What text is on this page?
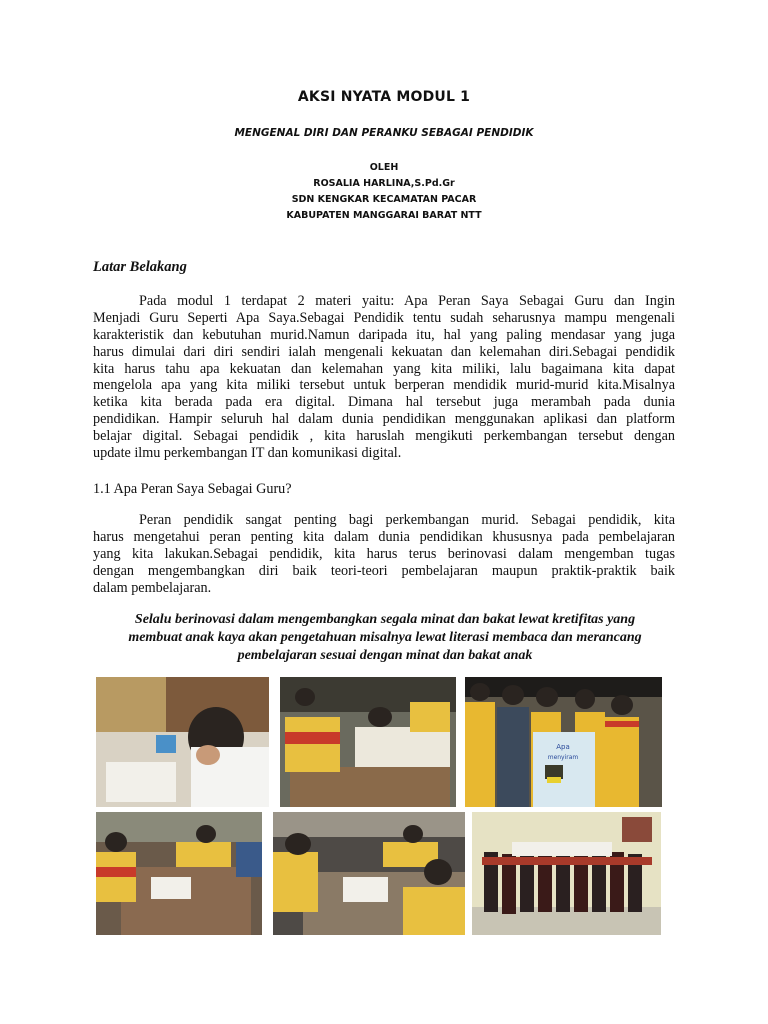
AKSI NYATA MODUL 1
MENGENAL DIRI DAN PERANKU SEBAGAI PENDIDIK
OLEH
ROSALIA HARLINA,S.Pd.Gr
SDN KENGKAR KECAMATAN PACAR
KABUPATEN MANGGARAI BARAT NTT
Latar Belakang
Pada modul 1 terdapat 2 materi yaitu: Apa Peran Saya Sebagai Guru dan Ingin
Menjadi Guru Seperti Apa Saya.Sebagai Pendidik tentu sudah seharusnya mampu mengenali
karakteristik dan kebutuhan murid.Namun daripada itu, hal yang paling mendasar yang juga
harus dimulai dari diri sendiri ialah mengenali kekuatan dan kelemahan diri.Sebagai pendidik
kita harus tahu apa kekuatan dan kelemahan yang kita miliki, lalu bagaimana kita dapat
mengelola apa yang kita miliki tersebut untuk berperan mendidik murid-murid kita.Misalnya
ketika kita berada pada era digital. Dimana hal tersebut juga merambah pada dunia
pendidikan. Hampir seluruh hal dalam dunia pendidikan menggunakan aplikasi dan platform
belajar digital. Sebagai pendidik , kita haruslah mengikuti perkembangan tersebut dengan
update ilmu perkembangan IT dan komunikasi digital.
1.1 Apa Peran Saya Sebagai Guru?
Peran pendidik sangat penting bagi perkembangan murid. Sebagai pendidik, kita
harus mengetahui peran penting kita dalam dunia pendidikan khususnya pada pembelajaran
yang kita lakukan.Sebagai pendidik, kita harus terus berinovasi dalam mengemban tugas
dengan mengembangkan diri baik teori-teori pembelajaran maupun praktik-praktik baik
dalam pembelajaran.
Selalu berinovasi dalam mengembangkan segala minat dan bakat lewat kretifitas yang
membuat anak kaya akan pengetahuan misalnya lewat literasi membaca dan merancang
pembelajaran sesuai dengan minat dan bakat anak
Apa
menyiram
